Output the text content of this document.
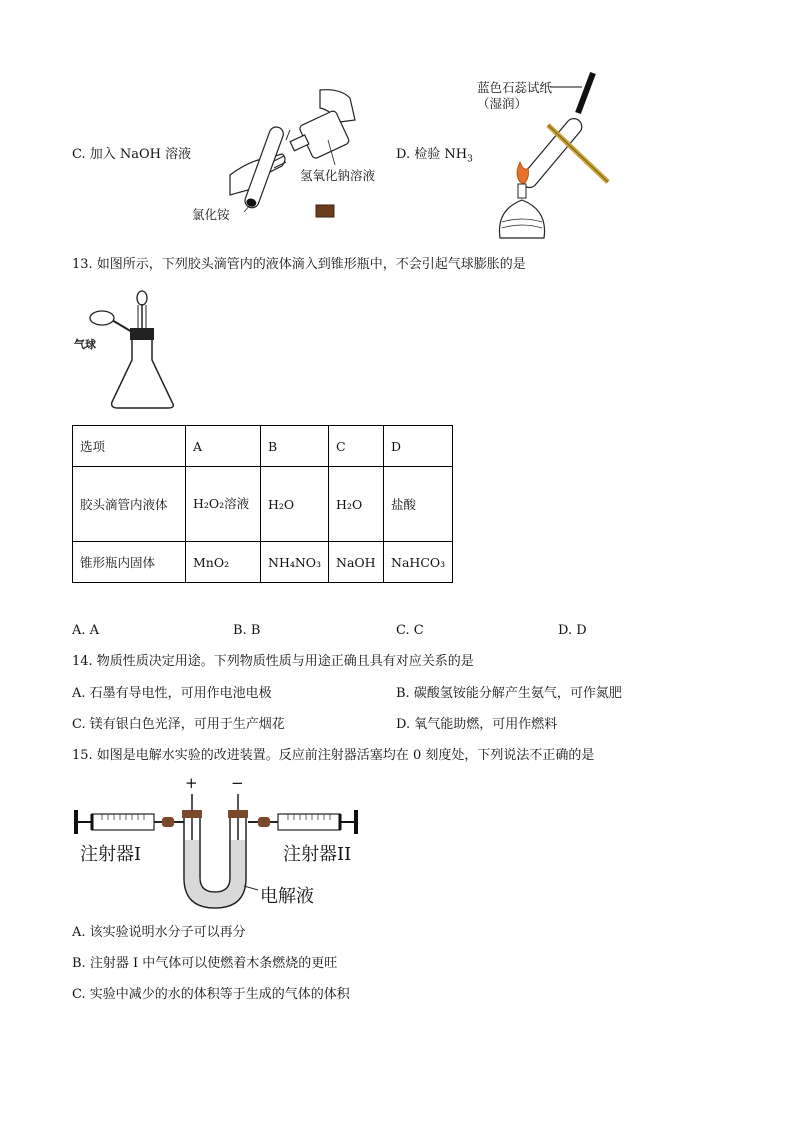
C. 加入 NaOH 溶液
氢氧化钠溶液
氯化铵
D. 检验 $NH_3$
蓝色石蕊试纸
（湿润）
13. 如图所示，下列胶头滴管内的液体滴入到锥形瓶中，不会引起气球膨胀的是
气球
选项	A	B	C	D
胶头滴管内液体	H₂O₂溶液	H₂O	H₂O	盐酸
锥形瓶内固体	MnO₂	NH₄NO₃	NaOH	NaHCO₃
A. A	B. B	C. C	D. D
14. 物质性质决定用途。下列物质性质与用途正确且具有对应关系的是
A. 石墨有导电性，可用作电池电极	B. 碳酸氢铵能分解产生氨气，可作氮肥
C. 镁有银白色光泽，可用于生产烟花	D. 氧气能助燃，可用作燃料
15. 如图是电解水实验的改进装置。反应前注射器活塞均在 0 刻度处，下列说法不正确的是
+ −
注射器I	注射器II
电解液
A. 该实验说明水分子可以再分
B. 注射器 I 中气体可以使燃着木条燃烧的更旺
C. 实验中减少的水的体积等于生成的气体的体积
